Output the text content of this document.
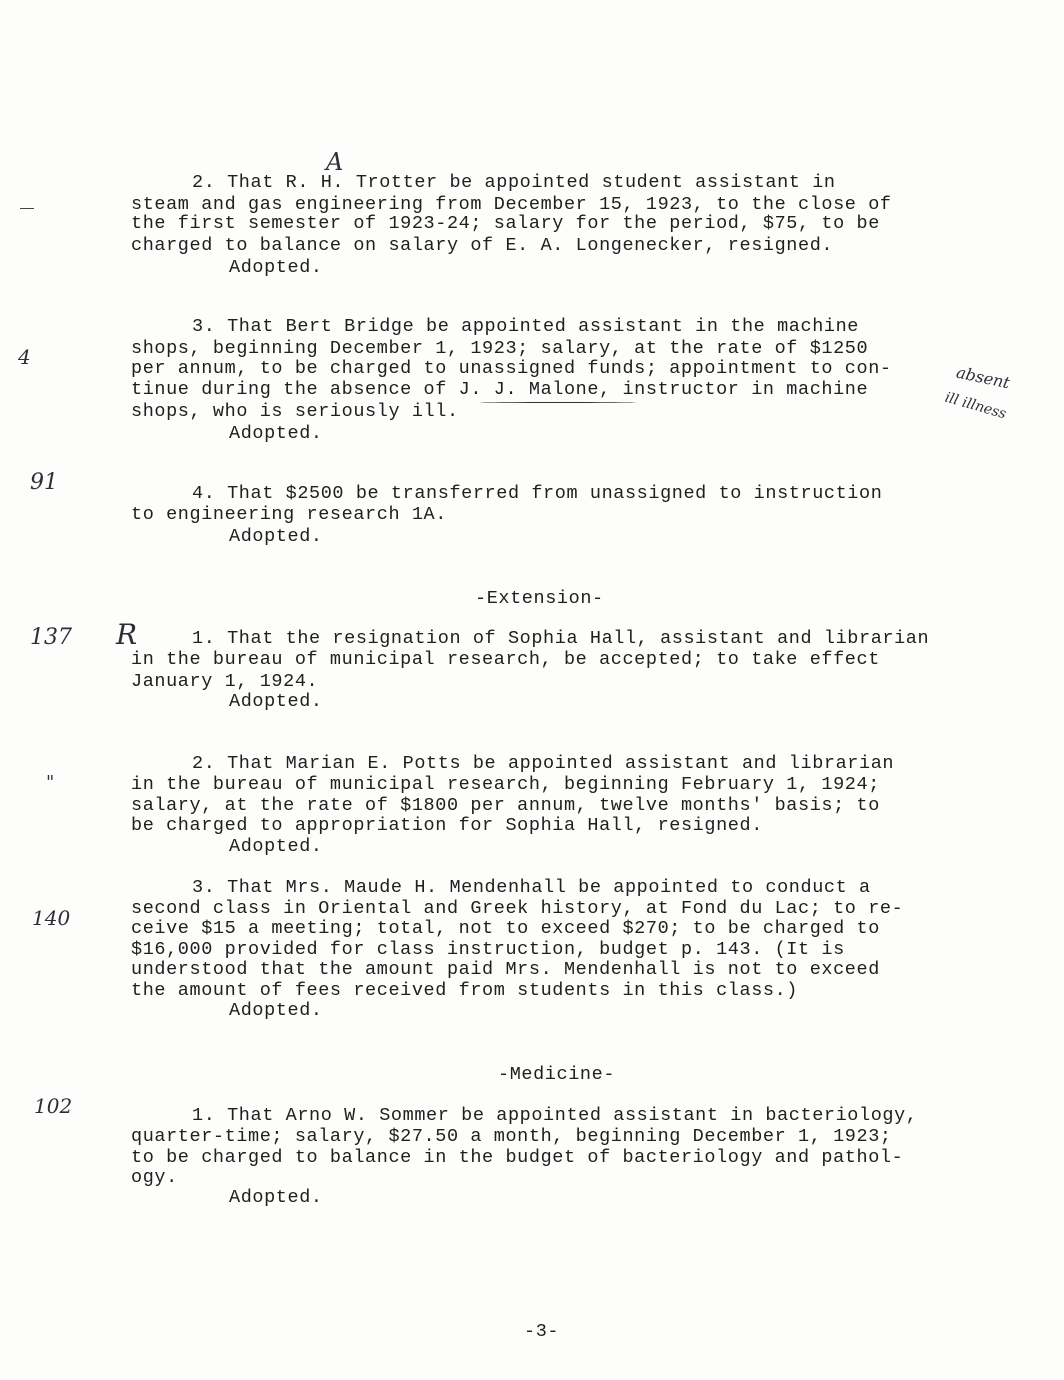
A
2. That R. H. Trotter be appointed student assistant in
steam and gas engineering from December 15, 1923, to the close of
the first semester of 1923-24; salary for the period, $75, to be
charged to balance on salary of E. A. Longenecker, resigned.
Adopted.
4
3. That Bert Bridge be appointed assistant in the machine
shops, beginning December 1, 1923; salary, at the rate of $1250
per annum, to be charged to unassigned funds; appointment to con-
tinue during the absence of J. J. Malone, instructor in machine
shops, who is seriously ill.
Adopted.
absent
ill illness
91	4. That $2500 be transferred from unassigned to instruction
to engineering research 1A.
Adopted.
-Extension-
137 R	1. That the resignation of Sophia Hall, assistant and librarian
in the bureau of municipal research, be accepted; to take effect
January 1, 1924.
Adopted.
"
2. That Marian E. Potts be appointed assistant and librarian
in the bureau of municipal research, beginning February 1, 1924;
salary, at the rate of $1800 per annum, twelve months' basis; to
be charged to appropriation for Sophia Hall, resigned.
Adopted.
140
3. That Mrs. Maude H. Mendenhall be appointed to conduct a
second class in Oriental and Greek history, at Fond du Lac; to re-
ceive $15 a meeting; total, not to exceed $270; to be charged to
$16,000 provided for class instruction, budget p. 143. (It is
understood that the amount paid Mrs. Mendenhall is not to exceed
the amount of fees received from students in this class.)
Adopted.
-Medicine-
102	1. That Arno W. Sommer be appointed assistant in bacteriology,
quarter-time; salary, $27.50 a month, beginning December 1, 1923;
to be charged to balance in the budget of bacteriology and pathol-
ogy.
Adopted.
-3-
